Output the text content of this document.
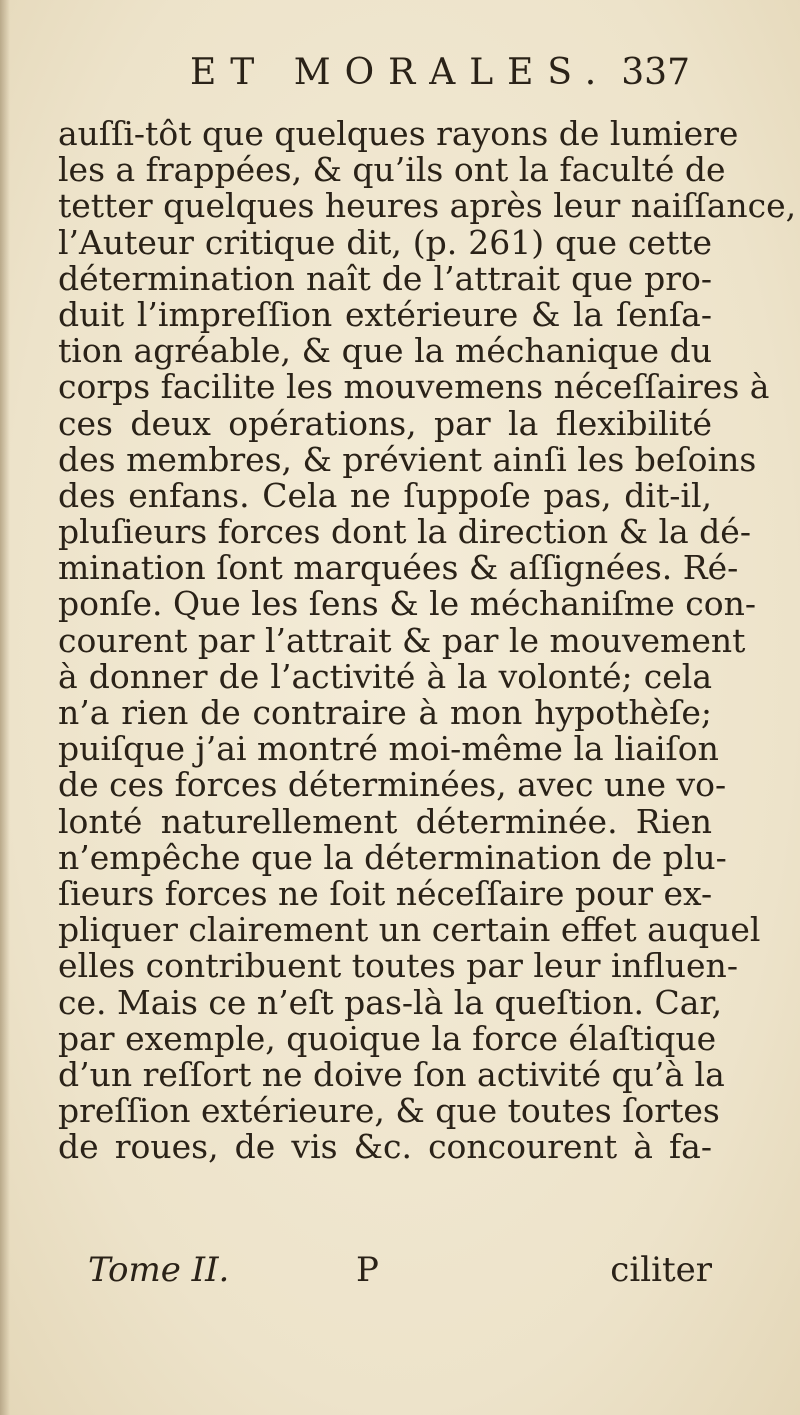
ET MORALES. 337
auſſi-tôt que quelques rayons de lumiere
les a frappées, & qu’ils ont la faculté de
tetter quelques heures après leur naiſſance,
l’Auteur critique dit, (p. 261) que cette
détermination naît de l’attrait que pro-
duit l’impreſſion extérieure & la ſenſa-
tion agréable, & que la méchanique du
corps facilite les mouvemens néceſſaires à
ces deux opérations, par la flexibilité
des membres, & prévient ainſi les beſoins
des enfans. Cela ne ſuppoſe pas, dit-il,
pluſieurs forces dont la direction & la dé-
mination ſont marquées & aſſignées. Ré-
ponſe. Que les ſens & le méchaniſme con-
courent par l’attrait & par le mouvement
à donner de l’activité à la volonté; cela
n’a rien de contraire à mon hypothèſe;
puiſque j’ai montré moi-même la liaiſon
de ces forces déterminées, avec une vo-
lonté naturellement déterminée. Rien
n’empêche que la détermination de plu-
ſieurs forces ne ſoit néceſſaire pour ex-
pliquer clairement un certain effet auquel
elles contribuent toutes par leur influen-
ce. Mais ce n’eſt pas-là la queſtion. Car,
par exemple, quoique la force élaſtique
d’un reſſort ne doive ſon activité qu’à la
preſſion extérieure, & que toutes ſortes
de roues, de vis &c. concourent à fa-
Tome II.	P	ciliter
